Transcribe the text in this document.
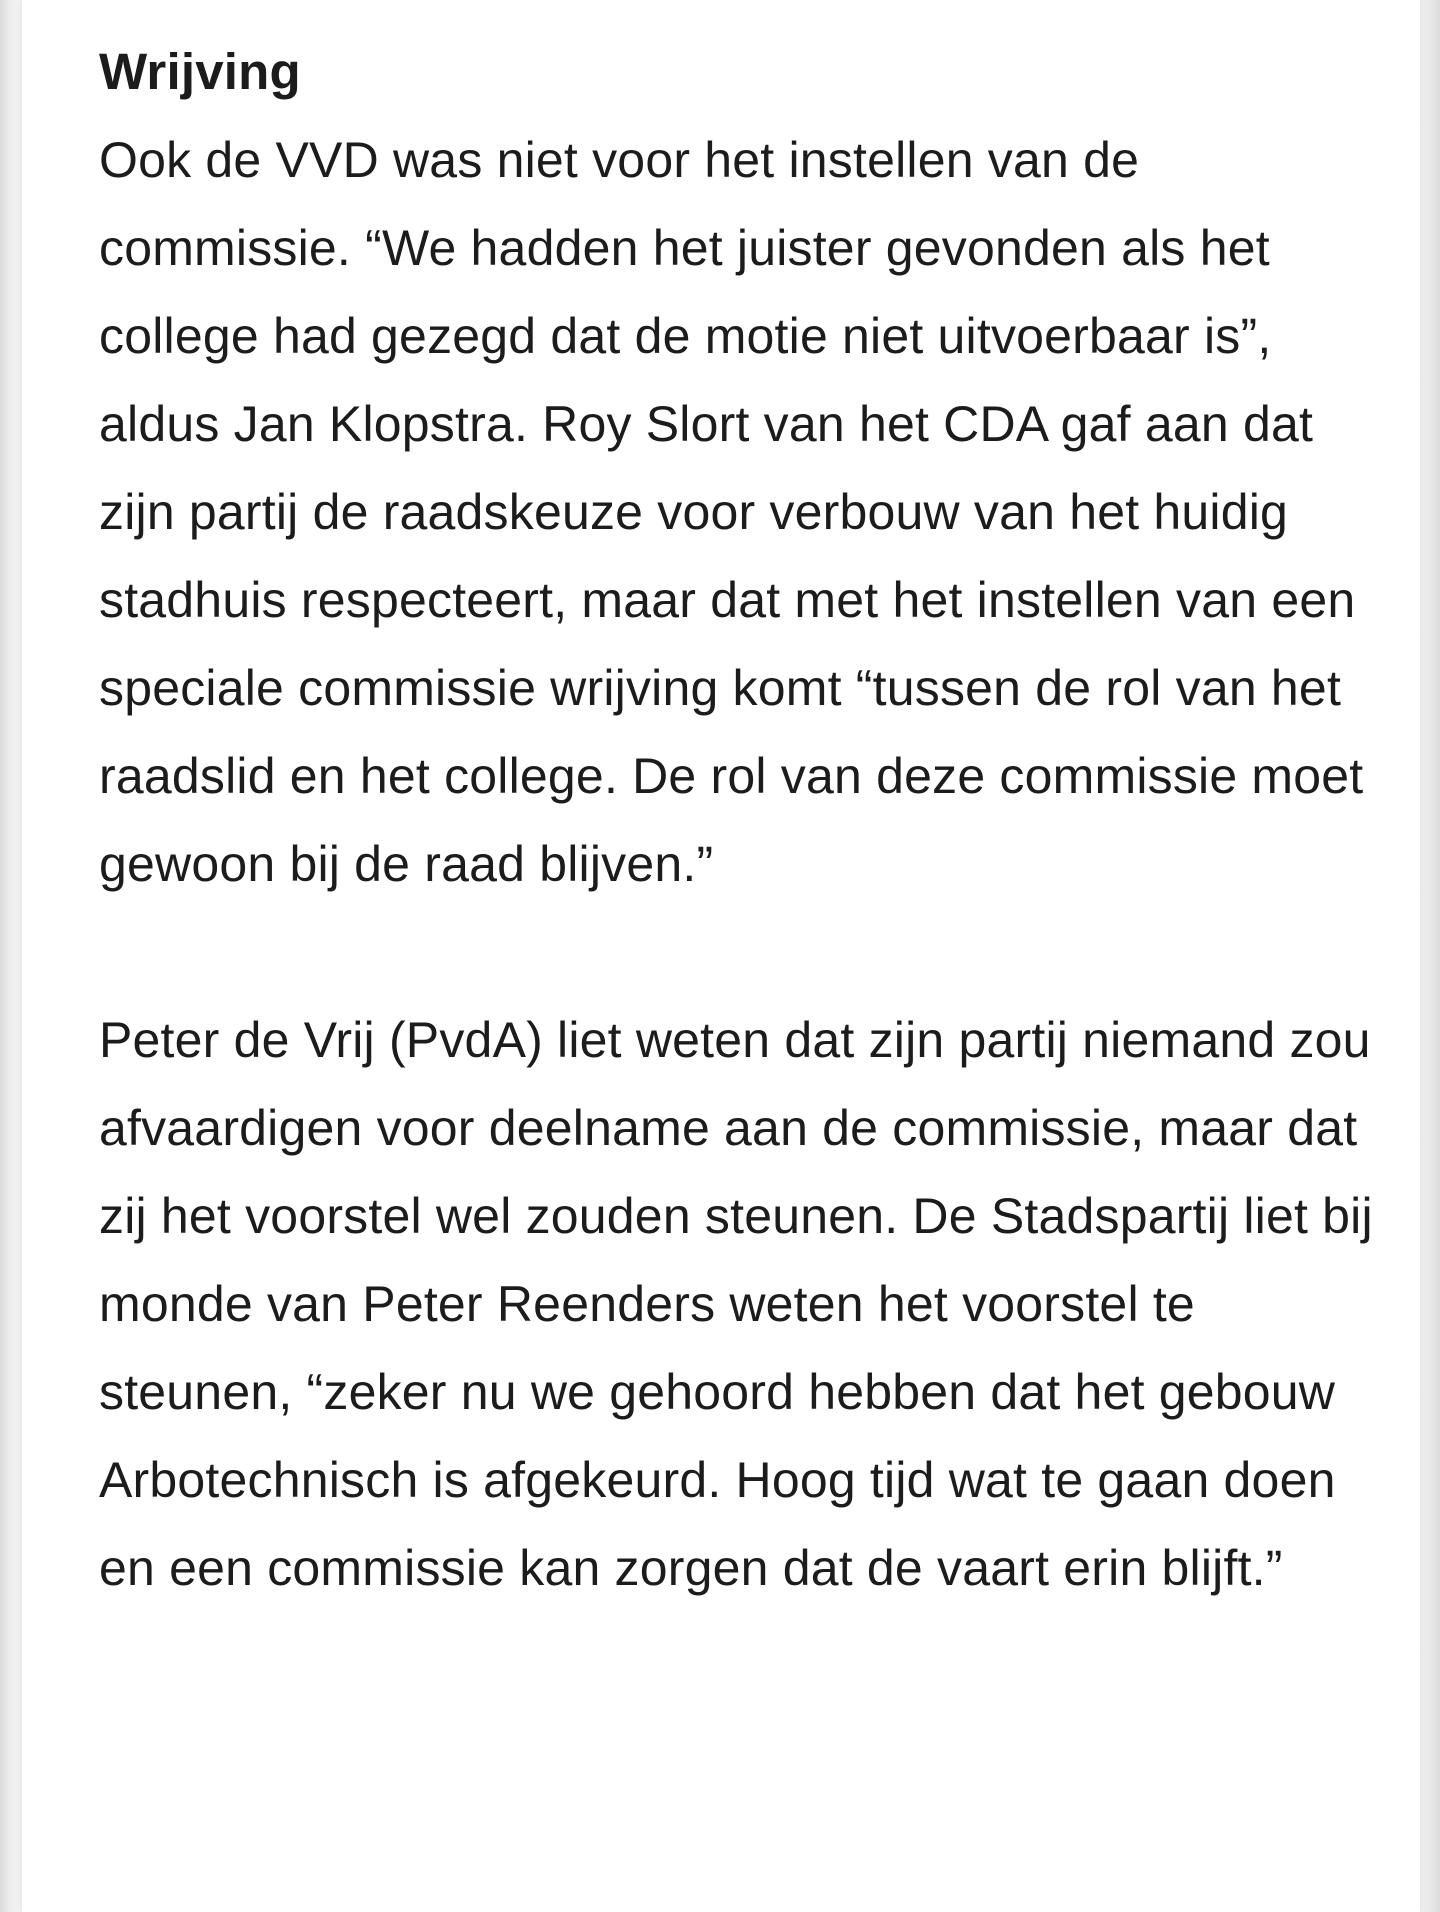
Wrijving

Ook de VVD was niet voor het instellen van de commissie. “We hadden het juister gevonden als het college had gezegd dat de motie niet uitvoerbaar is”, aldus Jan Klopstra. Roy Slort van het CDA gaf aan dat zijn partij de raadskeuze voor verbouw van het huidig stadhuis respecteert, maar dat met het instellen van een speciale commissie wrijving komt “tussen de rol van het raadslid en het college. De rol van deze commissie moet gewoon bij de raad blijven.”

Peter de Vrij (PvdA) liet weten dat zijn partij niemand zou afvaardigen voor deelname aan de commissie, maar dat zij het voorstel wel zouden steunen. De Stadspartij liet bij monde van Peter Reenders weten het voorstel te steunen, “zeker nu we gehoord hebben dat het gebouw Arbotechnisch is afgekeurd. Hoog tijd wat te gaan doen en een commissie kan zorgen dat de vaart erin blijft.”
